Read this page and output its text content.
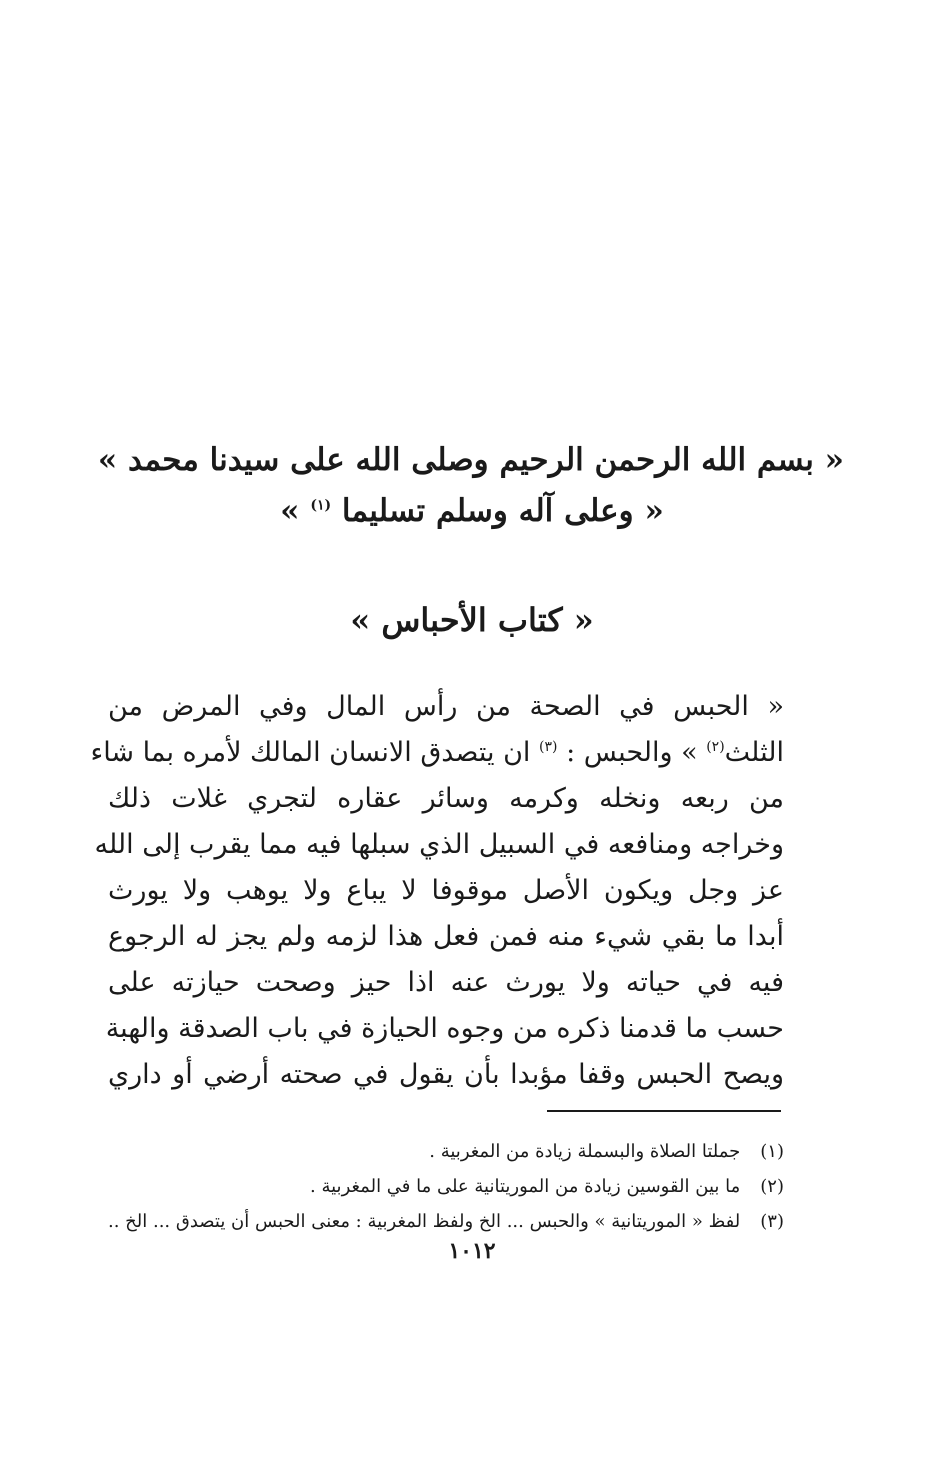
« بسم الله الرحمن الرحيم وصلى الله على سيدنا محمد »
« وعلى آله وسلم تسليما $^{(١)}$ »
« كتاب الأحباس »
« الحبس في الصحة من رأس المال وفي المرض من
الثلث$^{(٢)}$ » والحبس : $^{(٣)}$ ان يتصدق الانسان المالك لأمره بما شاء
من ربعه ونخله وكرمه وسائر عقاره لتجري غلات ذلك
وخراجه ومنافعه في السبيل الذي سبلها فيه مما يقرب إلى الله
عز وجل ويكون الأصل موقوفا لا يباع ولا يوهب ولا يورث
أبدا ما بقي شيء منه فمن فعل هذا لزمه ولم يجز له الرجوع
فيه في حياته ولا يورث عنه اذا حيز وصحت حيازته على
حسب ما قدمنا ذكره من وجوه الحيازة في باب الصدقة والهبة
ويصح الحبس وقفا مؤبدا بأن يقول في صحته أرضي أو داري
(١) جملتا الصلاة والبسملة زيادة من المغربية .
(٢) ما بين القوسين زيادة من الموريتانية على ما في المغربية .
(٣) لفظ « الموريتانية » والحبس ... الخ ولفظ المغربية : معنى الحبس أن يتصدق ... الخ ..
١٠١٢
